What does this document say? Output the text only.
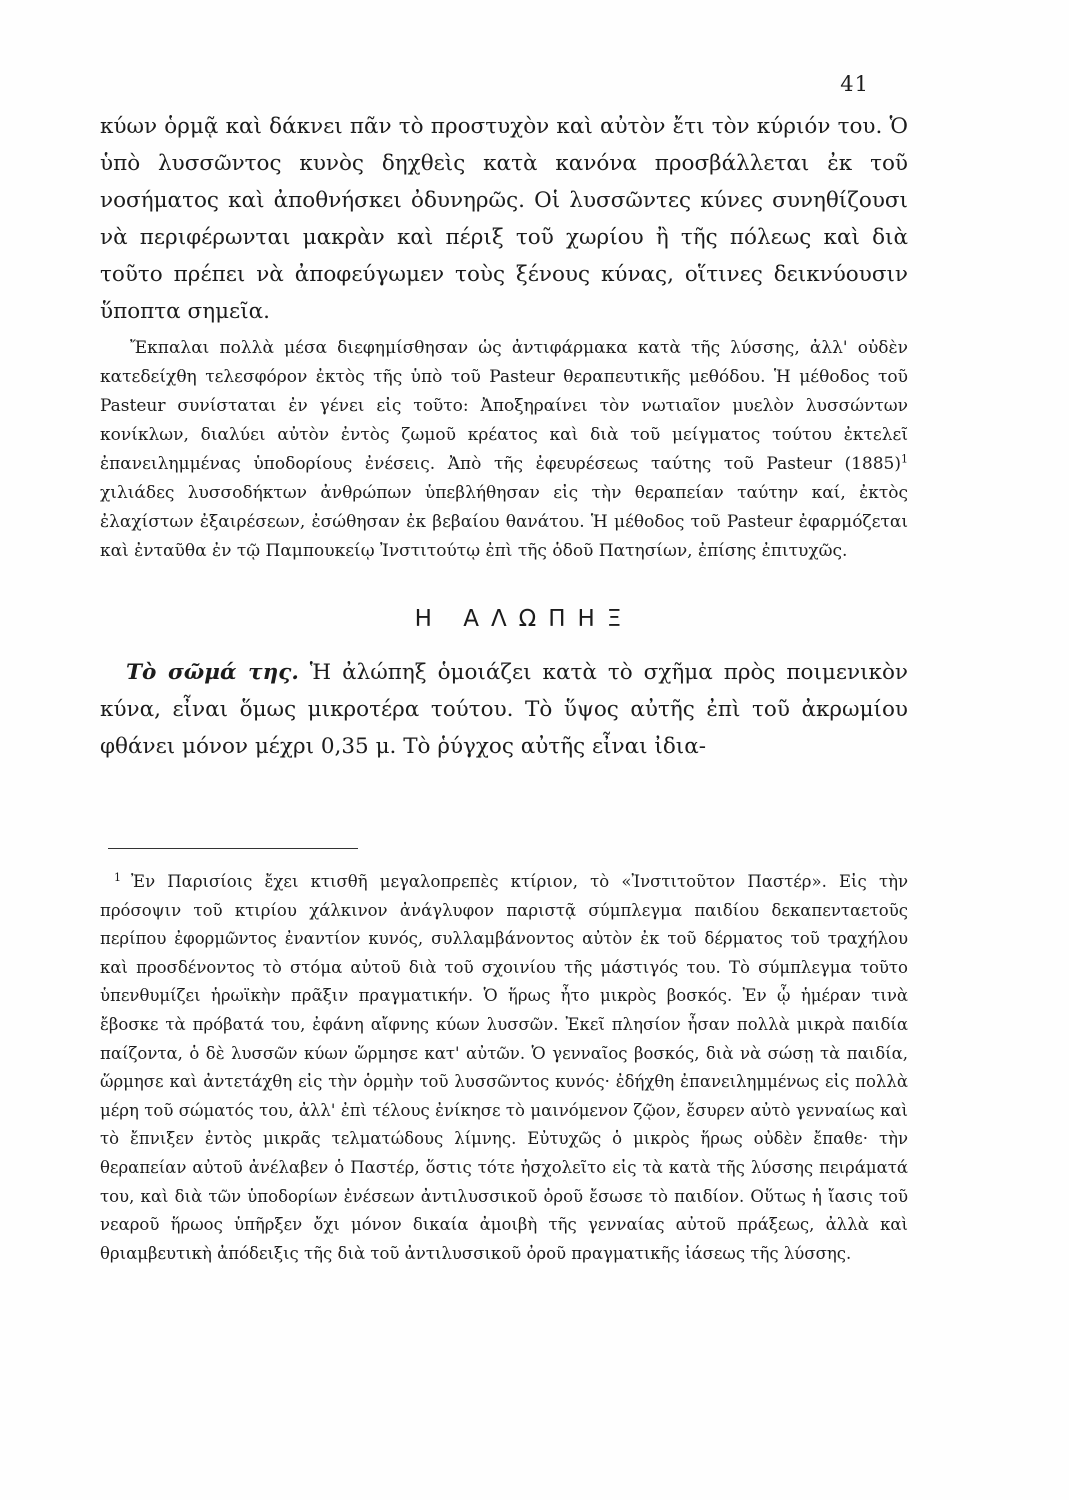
41

κύων ὁρμᾷ καὶ δάκνει πᾶν τὸ προστυχὸν καὶ αὐτὸν ἔτι τὸν κύριόν του. Ὁ ὑπὸ λυσσῶντος κυνὸς δηχθεὶς κατὰ κανόνα προσβάλλεται ἐκ τοῦ νοσήματος καὶ ἀποθνήσκει ὀδυνηρῶς. Οἱ λυσσῶντες κύνες συνηθίζουσι νὰ περιφέρωνται μακρὰν καὶ πέριξ τοῦ χωρίου ἢ τῆς πόλεως καὶ διὰ τοῦτο πρέπει νὰ ἀποφεύγωμεν τοὺς ξένους κύνας, οἵτινες δεικνύουσιν ὕποπτα σημεῖα.

Ἔκπαλαι πολλὰ μέσα διεφημίσθησαν ὡς ἀντιφάρμακα κατὰ τῆς λύσσης, ἀλλ' οὐδὲν κατεδείχθη τελεσφόρον ἐκτὸς τῆς ὑπὸ τοῦ Pasteur θεραπευτικῆς μεθόδου. Ἡ μέθοδος τοῦ Pasteur συνίσταται ἐν γένει εἰς τοῦτο: Ἀποξηραίνει τὸν νωτιαῖον μυελὸν λυσσώντων κονίκλων, διαλύει αὐτὸν ἐντὸς ζωμοῦ κρέατος καὶ διὰ τοῦ μείγματος τούτου ἐκτελεῖ ἐπανειλημμένας ὑποδορίους ἐνέσεις. Ἀπὸ τῆς ἐφευρέσεως ταύτης τοῦ Pasteur (1885)$^1$ χιλιάδες λυσσοδήκτων ἀνθρώπων ὑπεβλήθησαν εἰς τὴν θεραπείαν ταύτην καί, ἐκτὸς ἐλαχίστων ἐξαιρέσεων, ἐσώθησαν ἐκ βεβαίου θανάτου. Ἡ μέθοδος τοῦ Pasteur ἐφαρμόζεται καὶ ἐνταῦθα ἐν τῷ Παμπουκείῳ Ἰνστιτούτῳ ἐπὶ τῆς ὁδοῦ Πατησίων, ἐπίσης ἐπιτυχῶς.

Η ΑΛΩΠΗΞ

Τὸ σῶμά της. Ἡ ἀλώπηξ ὁμοιάζει κατὰ τὸ σχῆμα πρὸς ποιμενικὸν κύνα, εἶναι ὅμως μικροτέρα τούτου. Τὸ ὕψος αὐτῆς ἐπὶ τοῦ ἀκρωμίου φθάνει μόνον μέχρι 0,35 μ. Τὸ ῥύγχος αὐτῆς εἶναι ἰδια-

$^1$ Ἐν Παρισίοις ἔχει κτισθῆ μεγαλοπρεπὲς κτίριον, τὸ «Ἰνστιτοῦτον Παστέρ». Εἰς τὴν πρόσοψιν τοῦ κτιρίου χάλκινον ἀνάγλυφον παριστᾷ σύμπλεγμα παιδίου δεκαπενταετοῦς περίπου ἐφορμῶντος ἐναντίον κυνός, συλλαμβάνοντος αὐτὸν ἐκ τοῦ δέρματος τοῦ τραχήλου καὶ προσδένοντος τὸ στόμα αὐτοῦ διὰ τοῦ σχοινίου τῆς μάστιγός του. Τὸ σύμπλεγμα τοῦτο ὑπενθυμίζει ἡρωϊκὴν πρᾶξιν πραγματικήν. Ὁ ἥρως ἦτο μικρὸς βοσκός. Ἐν ᾧ ἡμέραν τινὰ ἔβοσκε τὰ πρόβατά του, ἐφάνη αἴφνης κύων λυσσῶν. Ἐκεῖ πλησίον ἦσαν πολλὰ μικρὰ παιδία παίζοντα, ὁ δὲ λυσσῶν κύων ὥρμησε κατ' αὐτῶν. Ὁ γενναῖος βοσκός, διὰ νὰ σώσῃ τὰ παιδία, ὥρμησε καὶ ἀντετάχθη εἰς τὴν ὁρμὴν τοῦ λυσσῶντος κυνός· ἐδήχθη ἐπανειλημμένως εἰς πολλὰ μέρη τοῦ σώματός του, ἀλλ' ἐπὶ τέλους ἐνίκησε τὸ μαινόμενον ζῷον, ἔσυρεν αὐτὸ γενναίως καὶ τὸ ἔπνιξεν ἐντὸς μικρᾶς τελματώδους λίμνης. Εὐτυχῶς ὁ μικρὸς ἥρως οὐδὲν ἔπαθε· τὴν θεραπείαν αὐτοῦ ἀνέλαβεν ὁ Παστέρ, ὅστις τότε ἠσχολεῖτο εἰς τὰ κατὰ τῆς λύσσης πειράματά του, καὶ διὰ τῶν ὑποδορίων ἐνέσεων ἀντιλυσσικοῦ ὀροῦ ἔσωσε τὸ παιδίον. Οὕτως ἡ ἴασις τοῦ νεαροῦ ἥρωος ὑπῆρξεν ὄχι μόνον δικαία ἀμοιβὴ τῆς γενναίας αὐτοῦ πράξεως, ἀλλὰ καὶ θριαμβευτικὴ ἀπόδειξις τῆς διὰ τοῦ ἀντιλυσσικοῦ ὀροῦ πραγματικῆς ἰάσεως τῆς λύσσης.
